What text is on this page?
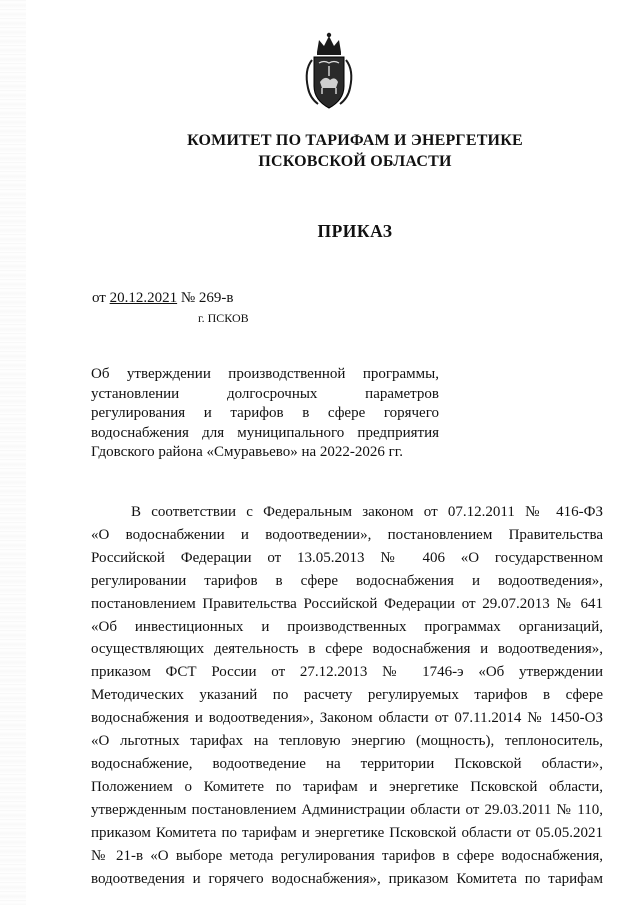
КОМИТЕТ ПО ТАРИФАМ И ЭНЕРГЕТИКЕ
ПСКОВСКОЙ ОБЛАСТИ
ПРИКАЗ
от 20.12.2021 № 269-в
г. ПСКОВ
Об утверждении производственной программы,
установлении долгосрочных параметров
регулирования и тарифов в сфере горячего
водоснабжения для муниципального предприятия
Гдовского района «Смуравьево» на 2022-2026 гг.
В соответствии с Федеральным законом от 07.12.2011 № 416-ФЗ
«О водоснабжении и водоотведении», постановлением Правительства
Российской Федерации от 13.05.2013 № 406 «О государственном
регулировании тарифов в сфере водоснабжения и водоотведения»,
постановлением Правительства Российской Федерации от 29.07.2013 № 641
«Об инвестиционных и производственных программах организаций,
осуществляющих деятельность в сфере водоснабжения и водоотведения»,
приказом ФСТ России от 27.12.2013 № 1746-э «Об утверждении
Методических указаний по расчету регулируемых тарифов в сфере
водоснабжения и водоотведения», Законом области от 07.11.2014 № 1450-ОЗ
«О льготных тарифах на тепловую энергию (мощность), теплоноситель,
водоснабжение, водоотведение на территории Псковской области»,
Положением о Комитете по тарифам и энергетике Псковской области,
утвержденным постановлением Администрации области от 29.03.2011 № 110,
приказом Комитета по тарифам и энергетике Псковской области от 05.05.2021
№ 21-в «О выборе метода регулирования тарифов в сфере водоснабжения,
водоотведения и горячего водоснабжения», приказом Комитета по тарифам
